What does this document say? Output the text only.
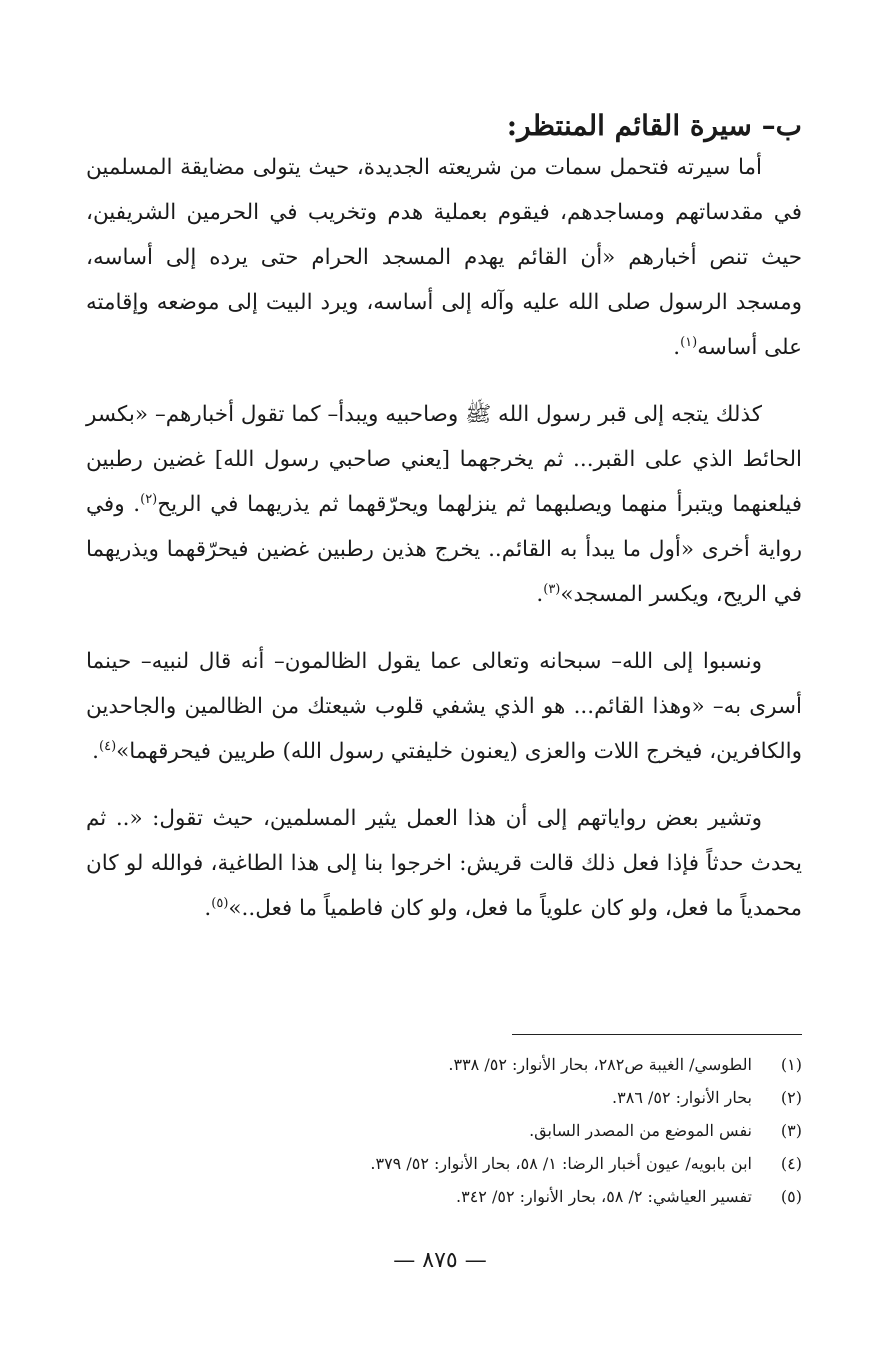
ب– سيرة القائم المنتظر:

أما سيرته فتحمل سمات من شريعته الجديدة، حيث يتولى مضايقة المسلمين في مقدساتهم ومساجدهم، فيقوم بعملية هدم وتخريب في الحرمين الشريفين، حيث تنص أخبارهم «أن القائم يهدم المسجد الحرام حتى يرده إلى أساسه، ومسجد الرسول صلى الله عليه وآله إلى أساسه، ويرد البيت إلى موضعه وإقامته على أساسه$^{(١)}$.

كذلك يتجه إلى قبر رسول الله ﷺ وصاحبيه ويبدأ– كما تقول أخبارهم– «بكسر الحائط الذي على القبر... ثم يخرجهما [يعني صاحبي رسول الله] غضين رطبين فيلعنهما ويتبرأ منهما ويصلبهما ثم ينزلهما ويحرّقهما ثم يذريهما في الريح$^{(٢)}$. وفي رواية أخرى «أول ما يبدأ به القائم.. يخرج هذين رطبين غضين فيحرّقهما ويذريهما في الريح، ويكسر المسجد»$^{(٣)}$.

ونسبوا إلى الله– سبحانه وتعالى عما يقول الظالمون– أنه قال لنبيه– حينما أسرى به– «وهذا القائم... هو الذي يشفي قلوب شيعتك من الظالمين والجاحدين والكافرين، فيخرج اللات والعزى (يعنون خليفتي رسول الله) طريين فيحرقهما»$^{(٤)}$.

وتشير بعض رواياتهم إلى أن هذا العمل يثير المسلمين، حيث تقول: «.. ثم يحدث حدثاً فإذا فعل ذلك قالت قريش: اخرجوا بنا إلى هذا الطاغية، فوالله لو كان محمدياً ما فعل، ولو كان علوياً ما فعل، ولو كان فاطمياً ما فعل..»$^{(٥)}$.

(١)
الطوسي/ الغيبة ص٢٨٢، بحار الأنوار: ٥٢/ ٣٣٨.
(٢)
بحار الأنوار: ٥٢/ ٣٨٦.
(٣)
نفس الموضع من المصدر السابق.
(٤)
ابن بابويه/ عيون أخبار الرضا: ١/ ٥٨، بحار الأنوار: ٥٢/ ٣٧٩.
(٥)
تفسير العياشي: ٢/ ٥٨، بحار الأنوار: ٥٢/ ٣٤٢.
— ٨٧٥ —
